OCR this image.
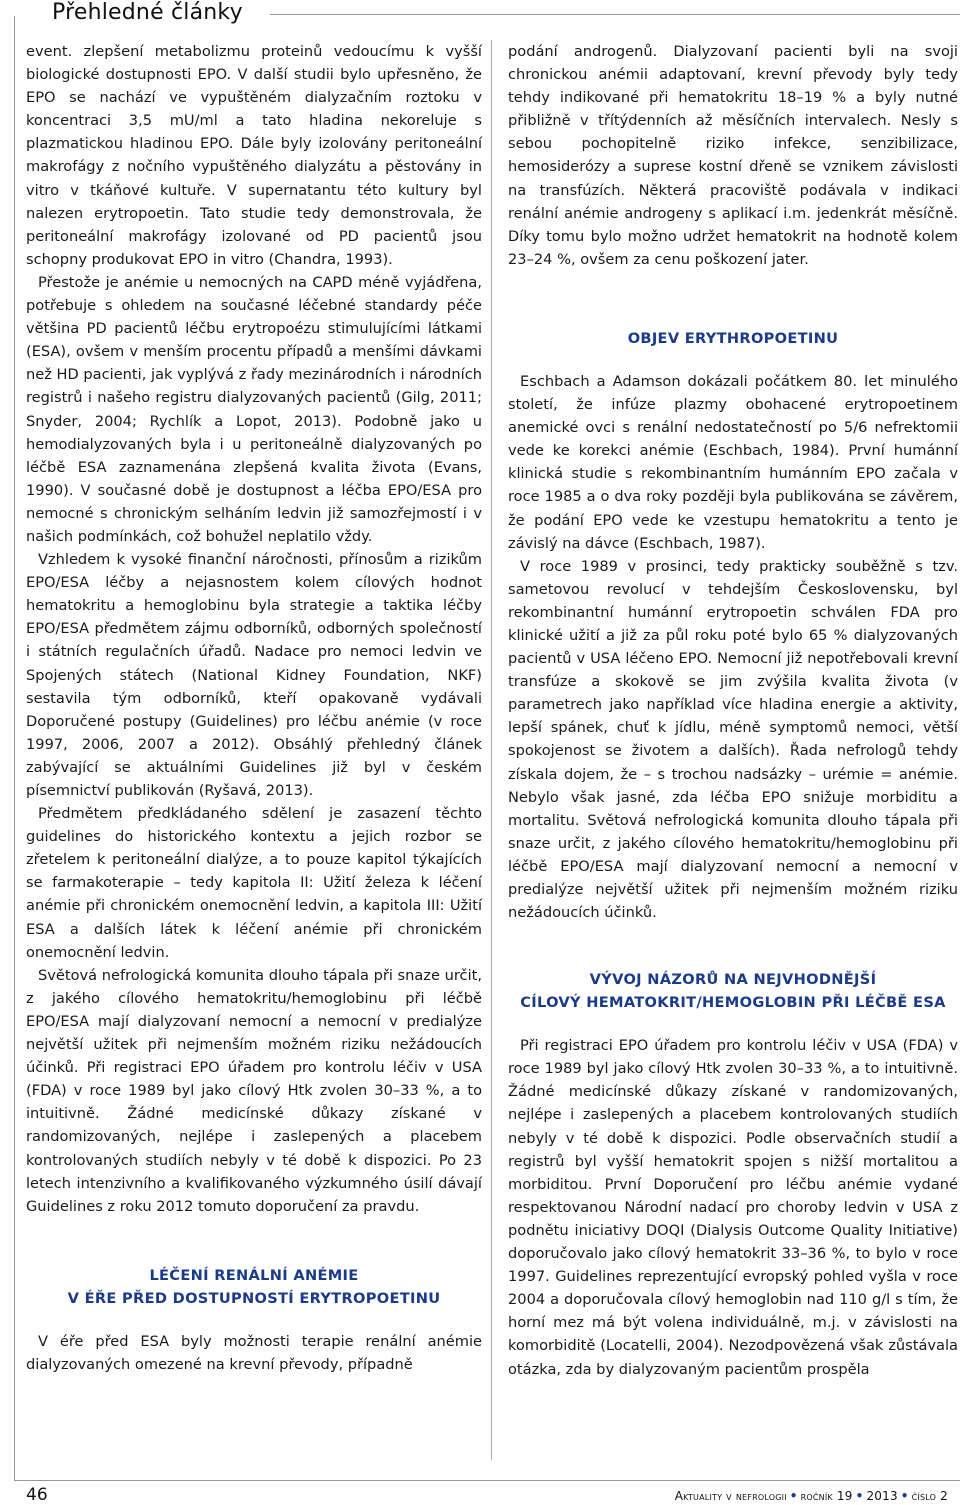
Přehledné články

event. zlepšení metabolizmu proteinů vedoucímu k vyšší biologické dostupnosti EPO. V další studii bylo upřesněno, že EPO se nachází ve vypuštěném dialyzačním roztoku v koncentraci 3,5 mU/ml a tato hladina nekoreluje s plazmatickou hladinou EPO. Dále byly izolovány peritoneální makrofágy z nočního vypuštěného dialyzátu a pěstovány in vitro v tkáňové kultuře. V supernatantu této kultury byl nalezen erytropoetin. Tato studie tedy demonstrovala, že peritoneální makrofágy izolované od PD pacientů jsou schopny produkovat EPO in vitro (Chandra, 1993).

Přestože je anémie u nemocných na CAPD méně vyjádřena, potřebuje s ohledem na současné léčebné standardy péče většina PD pacientů léčbu erytropoézu stimulujícími látkami (ESA), ovšem v menším procentu případů a menšími dávkami než HD pacienti, jak vyplývá z řady mezinárodních i národních registrů i našeho registru dialyzovaných pacientů (Gilg, 2011; Snyder, 2004; Rychlík a Lopot, 2013). Podobně jako u hemodialyzovaných byla i u peritoneálně dialyzovaných po léčbě ESA zaznamenána zlepšená kvalita života (Evans, 1990). V současné době je dostupnost a léčba EPO/ESA pro nemocné s chronickým selháním ledvin již samozřejmostí i v našich podmínkách, což bohužel neplatilo vždy.

Vzhledem k vysoké finanční náročnosti, přínosům a rizikům EPO/ESA léčby a nejasnostem kolem cílových hodnot hematokritu a hemoglobinu byla strategie a taktika léčby EPO/ESA předmětem zájmu odborníků, odborných společností i státních regulačních úřadů. Nadace pro nemoci ledvin ve Spojených státech (National Kidney Foundation, NKF) sestavila tým odborníků, kteří opakovaně vydávali Doporučené postupy (Guidelines) pro léčbu anémie (v roce 1997, 2006, 2007 a 2012). Obsáhlý přehledný článek zabývající se aktuálními Guidelines již byl v českém písemnictví publikován (Ryšavá, 2013).

Předmětem předkládaného sdělení je zasazení těchto guidelines do historického kontextu a jejich rozbor se zřetelem k peritoneální dialýze, a to pouze kapitol týkajících se farmakoterapie – tedy kapitola II: Užití železa k léčení anémie při chronickém onemocnění ledvin, a kapitola III: Užití ESA a dalších látek k léčení anémie při chronickém onemocnění ledvin.

Světová nefrologická komunita dlouho tápala při snaze určit, z jakého cílového hematokritu/hemoglobinu při léčbě EPO/ESA mají dialyzovaní nemocní a nemocní v predialýze největší užitek při nejmenším možném riziku nežádoucích účinků. Při registraci EPO úřadem pro kontrolu léčiv v USA (FDA) v roce 1989 byl jako cílový Htk zvolen 30–33 %, a to intuitivně. Žádné medicínské důkazy získané v randomizovaných, nejlépe i zaslepených a placebem kontrolovaných studiích nebyly v té době k dispozici. Po 23 letech intenzivního a kvalifikovaného výzkumného úsilí dávají Guidelines z roku 2012 tomuto doporučení za pravdu.

LÉČENÍ RENÁLNÍ ANÉMIE
V ÉŘE PŘED DOSTUPNOSTÍ ERYTROPOETINU

V éře před ESA byly možnosti terapie renální anémie dialyzovaných omezené na krevní převody, případně

podání androgenů. Dialyzovaní pacienti byli na svoji chronickou anémii adaptovaní, krevní převody byly tedy tehdy indikované při hematokritu 18–19 % a byly nutné přibližně v třítýdenních až měsíčních intervalech. Nesly s sebou pochopitelně riziko infekce, senzibilizace, hemosiderózy a suprese kostní dřeně se vznikem závislosti na transfúzích. Některá pracoviště podávala v indikaci renální anémie androgeny s aplikací i.m. jedenkrát měsíčně. Díky tomu bylo možno udržet hematokrit na hodnotě kolem 23–24 %, ovšem za cenu poškození jater.

OBJEV ERYTHROPOETINU

Eschbach a Adamson dokázali počátkem 80. let minulého století, že infúze plazmy obohacené erytropoetinem anemické ovci s renální nedostatečností po 5/6 nefrektomii vede ke korekci anémie (Eschbach, 1984). První humánní klinická studie s rekombinantním humánním EPO začala v roce 1985 a o dva roky později byla publikována se závěrem, že podání EPO vede ke vzestupu hematokritu a tento je závislý na dávce (Eschbach, 1987).

V roce 1989 v prosinci, tedy prakticky souběžně s tzv. sametovou revolucí v tehdejším Československu, byl rekombinantní humánní erytropoetin schválen FDA pro klinické užití a již za půl roku poté bylo 65 % dialyzovaných pacientů v USA léčeno EPO. Nemocní již nepotřebovali krevní transfúze a skokově se jim zvýšila kvalita života (v parametrech jako například více hladina energie a aktivity, lepší spánek, chuť k jídlu, méně symptomů nemoci, větší spokojenost se životem a dalších). Řada nefrologů tehdy získala dojem, že – s trochou nadsázky – urémie = anémie. Nebylo však jasné, zda léčba EPO snižuje morbiditu a mortalitu. Světová nefrologická komunita dlouho tápala při snaze určit, z jakého cílového hematokritu/hemoglobinu při léčbě EPO/ESA mají dialyzovaní nemocní a nemocní v predialýze největší užitek při nejmenším možném riziku nežádoucích účinků.

VÝVOJ NÁZORŮ NA NEJVHODNĚJŠÍ
CÍLOVÝ HEMATOKRIT/HEMOGLOBIN PŘI LÉČBĚ ESA

Při registraci EPO úřadem pro kontrolu léčiv v USA (FDA) v roce 1989 byl jako cílový Htk zvolen 30–33 %, a to intuitivně. Žádné medicínské důkazy získané v randomizovaných, nejlépe i zaslepených a placebem kontrolovaných studiích nebyly v té době k dispozici. Podle observačních studií a registrů byl vyšší hematokrit spojen s nižší mortalitou a morbiditou. První Doporučení pro léčbu anémie vydané respektovanou Národní nadací pro choroby ledvin v USA z podnětu iniciativy DOQI (Dialysis Outcome Quality Initiative) doporučovalo jako cílový hematokrit 33–36 %, to bylo v roce 1997. Guidelines reprezentující evropský pohled vyšla v roce 2004 a doporučovala cílový hemoglobin nad 110 g/l s tím, že horní mez má být volena individuálně, m.j. v závislosti na komorbiditě (Locatelli, 2004). Nezodpovězená však zůstávala otázka, zda by dialyzovaným pacientům prospěla

46	Aktuality v nefrologii • ročník 19 • 2013 • číslo 2
